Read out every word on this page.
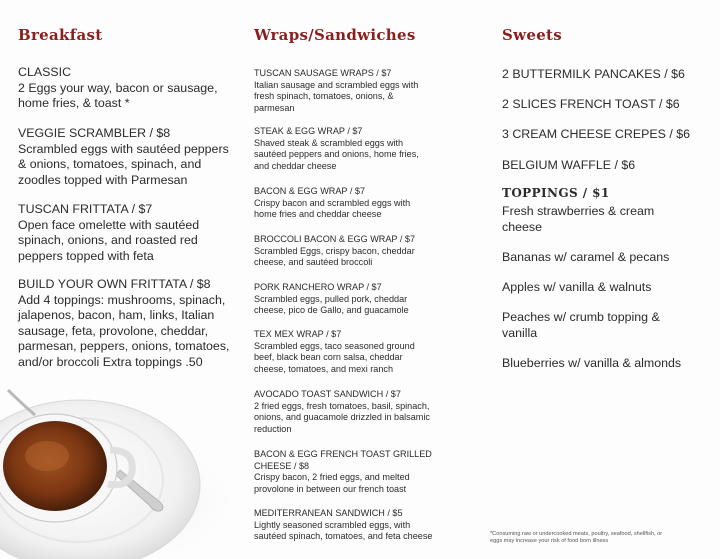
Breakfast
CLASSIC
2 Eggs your way, bacon or sausage,
home fries, & toast *
VEGGIE SCRAMBLER / $8
Scrambled eggs with sautéed peppers
& onions, tomatoes, spinach, and
zoodles topped with Parmesan
TUSCAN FRITTATA / $7
Open face omelette with sautéed
spinach, onions, and roasted red
peppers topped with feta
BUILD YOUR OWN FRITTATA / $8
Add 4 toppings: mushrooms, spinach,
jalapenos, bacon, ham, links, Italian
sausage, feta, provolone, cheddar,
parmesan, peppers, onions, tomatoes,
and/or broccoli Extra toppings .50
Wraps/Sandwiches
TUSCAN SAUSAGE WRAPS / $7
Italian sausage and scrambled eggs with
fresh spinach, tomatoes, onions, &
parmesan
STEAK & EGG WRAP / $7
Shaved steak & scrambled eggs with
sautéed peppers and onions, home fries,
and cheddar cheese
BACON & EGG WRAP / $7
Crispy bacon and scrambled eggs with
home fries and cheddar cheese
BROCCOLI BACON & EGG WRAP / $7
Scrambled Eggs, crispy bacon, cheddar
cheese, and sautéed broccoli
PORK RANCHERO WRAP / $7
Scrambled eggs, pulled pork, cheddar
cheese, pico de Gallo, and guacamole
TEX MEX WRAP / $7
Scrambled eggs, taco seasoned ground
beef, black bean corn salsa, cheddar
cheese, tomatoes, and mexi ranch
AVOCADO TOAST SANDWICH / $7
2 fried eggs, fresh tomatoes, basil, spinach,
onions, and guacamole drizzled in balsamic
reduction
BACON & EGG FRENCH TOAST GRILLED
CHEESE / $8
Crispy bacon, 2 fried eggs, and melted
provolone in between our french toast
MEDITERRANEAN SANDWICH / $5
Lightly seasoned scrambled eggs, with
sautéed spinach, tomatoes, and feta cheese
Sweets
TOPPINGS / $1
2 BUTTERMILK PANCAKES / $6
2 SLICES FRENCH TOAST / $6
3 CREAM CHEESE CREPES / $6
BELGIUM WAFFLE / $6
Fresh strawberries & cream
cheese
Bananas w/ caramel & pecans
Apples w/ vanilla & walnuts
Peaches w/ crumb topping &
vanilla
Blueberries w/ vanilla & almonds
*Consuming raw or undercooked meats, poultry, seafood, shellfish, or
eggs may increase your risk of food born illness
